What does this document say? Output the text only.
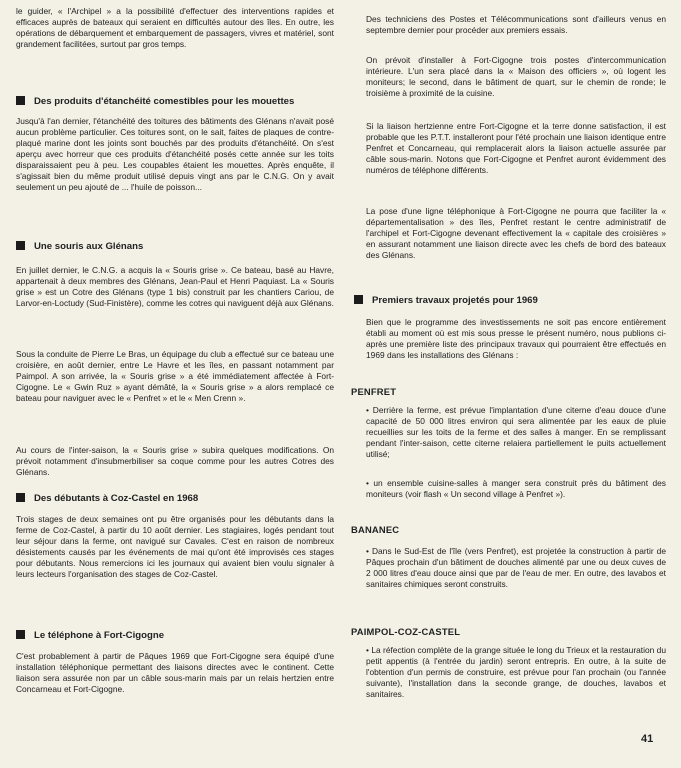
le guider, « l'Archipel » a la possibilité d'effectuer des interventions rapides et efficaces auprès de bateaux qui seraient en difficultés autour des îles. En outre, les opérations de débarquement et embarquement de passagers, vivres et matériel, sont grandement facilitées, surtout par gros temps.

Des produits d'étanchéité comestibles pour les mouettes

Jusqu'à l'an dernier, l'étanchéité des toitures des bâtiments des Glénans n'avait posé aucun problème particulier. Ces toitures sont, on le sait, faites de plaques de contre-plaqué marine dont les joints sont bouchés par des produits d'étanchéité. On s'est aperçu avec horreur que ces produits d'étanchéité posés cette année sur les toits disparaissaient peu à peu. Les coupables étaient les mouettes. Après enquête, il s'agissait bien du même produit utilisé depuis vingt ans par le C.N.G. On y avait seulement un peu ajouté de ... l'huile de poisson...

Une souris aux Glénans

En juillet dernier, le C.N.G. a acquis la « Souris grise ». Ce bateau, basé au Havre, appartenait à deux membres des Glénans, Jean-Paul et Henri Paquiast. La « Souris grise » est un Cotre des Glénans (type 1 bis) construit par les chantiers Cariou, de Larvor-en-Loctudy (Sud-Finistère), comme les cotres qui naviguent déjà aux Glénans.

Sous la conduite de Pierre Le Bras, un équipage du club a effectué sur ce bateau une croisière, en août dernier, entre Le Havre et les îles, en passant notamment par Paimpol. A son arrivée, la « Souris grise » a été immédiatement affectée à Fort-Cigogne. Le « Gwin Ruz » ayant démâté, la « Souris grise » a alors remplacé ce bateau pour naviguer avec le « Penfret » et le « Men Crenn ».

Au cours de l'inter-saison, la « Souris grise » subira quelques modifications. On prévoit notamment d'insubmerbiliser sa coque comme pour les autres Cotres des Glénans.

Des débutants à Coz-Castel en 1968

Trois stages de deux semaines ont pu être organisés pour les débutants dans la ferme de Coz-Castel, à partir du 10 août dernier. Les stagiaires, logés pendant tout leur séjour dans la ferme, ont navigué sur Cavales. C'est en raison de nombreux désistements causés par les événements de mai qu'ont été improvisés ces stages pour débutants. Nous remercions ici les journaux qui avaient bien voulu signaler à leurs lecteurs l'organisation des stages de Coz-Castel.

Le téléphone à Fort-Cigogne

C'est probablement à partir de Pâques 1969 que Fort-Cigogne sera équipé d'une installation téléphonique permettant des liaisons directes avec le continent. Cette liaison sera assurée non par un câble sous-marin mais par un relais hertzien entre Concarneau et Fort-Cigogne.

Des techniciens des Postes et Télécommunications sont d'ailleurs venus en septembre dernier pour procéder aux premiers essais.

On prévoit d'installer à Fort-Cigogne trois postes d'intercommunication intérieure. L'un sera placé dans la « Maison des officiers », où logent les moniteurs; le second, dans le bâtiment de quart, sur le chemin de ronde; le troisième à proximité de la cuisine.

Si la liaison hertzienne entre Fort-Cigogne et la terre donne satisfaction, il est probable que les P.T.T. installeront pour l'été prochain une liaison identique entre Penfret et Concarneau, qui remplacerait alors la liaison actuelle assurée par câble sous-marin. Notons que Fort-Cigogne et Penfret auront évidemment des numéros de téléphone différents.

La pose d'une ligne téléphonique à Fort-Cigogne ne pourra que faciliter la « départementalisation » des îles, Penfret restant le centre administratif de l'archipel et Fort-Cigogne devenant effectivement la « capitale des croisières » en assurant notamment une liaison directe avec les chefs de bord des bateaux des Glénans.

Premiers travaux projetés pour 1969

Bien que le programme des investissements ne soit pas encore entièrement établi au moment où est mis sous presse le présent numéro, nous publions ci-après une première liste des principaux travaux qui pourraient être effectués en 1969 dans les installations des Glénans :

PENFRET

• Derrière la ferme, est prévue l'implantation d'une citerne d'eau douce d'une capacité de 50 000 litres environ qui sera alimentée par les eaux de pluie recueillies sur les toits de la ferme et des salles à manger. En se remplissant pendant l'inter-saison, cette citerne relaiera partiellement le puits actuellement utilisé;

• un ensemble cuisine-salles à manger sera construit près du bâtiment des moniteurs (voir flash « Un second village à Penfret »).

BANANEC

• Dans le Sud-Est de l'île (vers Penfret), est projetée la construction à partir de Pâques prochain d'un bâtiment de douches alimenté par une ou deux cuves de 2 000 litres d'eau douce ainsi que par de l'eau de mer. En outre, des lavabos et sanitaires chimiques seront construits.

PAIMPOL-COZ-CASTEL

• La réfection complète de la grange située le long du Trieux et la restauration du petit appentis (à l'entrée du jardin) seront entrepris. En outre, à la suite de l'obtention d'un permis de construire, est prévue pour l'an prochain (ou l'année suivante), l'installation dans la seconde grange, de douches, lavabos et sanitaires.

41
